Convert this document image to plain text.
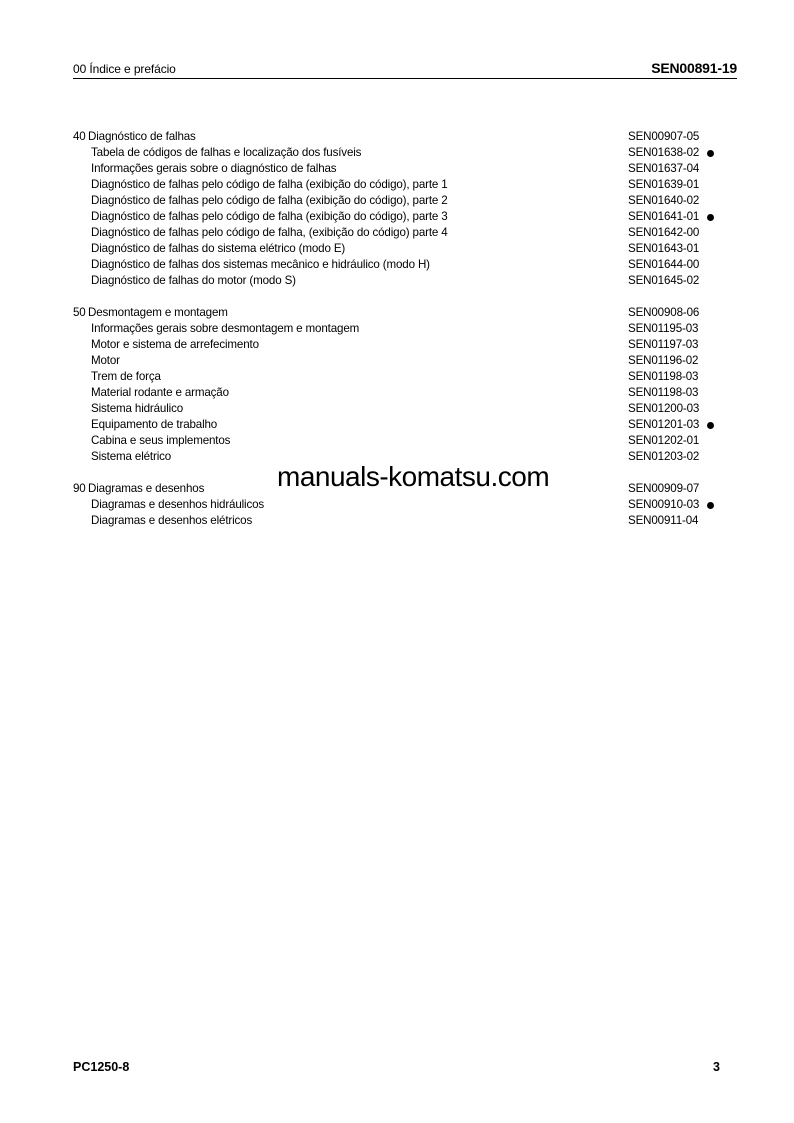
00 Índice e prefácio	SEN00891-19
40 Diagnóstico de falhas	SEN00907-05
Tabela de códigos de falhas e localização dos fusíveis	SEN01638-02
Informações gerais sobre o diagnóstico de falhas	SEN01637-04
Diagnóstico de falhas pelo código de falha (exibição do código), parte 1	SEN01639-01
Diagnóstico de falhas pelo código de falha (exibição do código), parte 2	SEN01640-02
Diagnóstico de falhas pelo código de falha (exibição do código), parte 3	SEN01641-01
Diagnóstico de falhas pelo código de falha, (exibição do código) parte 4	SEN01642-00
Diagnóstico de falhas do sistema elétrico (modo E)	SEN01643-01
Diagnóstico de falhas dos sistemas mecânico e hidráulico (modo H)	SEN01644-00
Diagnóstico de falhas do motor (modo S)	SEN01645-02
50 Desmontagem e montagem	SEN00908-06
Informações gerais sobre desmontagem e montagem	SEN01195-03
Motor e sistema de arrefecimento	SEN01197-03
Motor	SEN01196-02
Trem de força	SEN01198-03
Material rodante e armação	SEN01198-03
Sistema hidráulico	SEN01200-03
Equipamento de trabalho	SEN01201-03
Cabina e seus implementos	SEN01202-01
Sistema elétrico	SEN01203-02
90 Diagramas e desenhos	SEN00909-07
Diagramas e desenhos hidráulicos	SEN00910-03
Diagramas e desenhos elétricos	SEN00911-04
manuals-komatsu.com
PC1250-8	3
